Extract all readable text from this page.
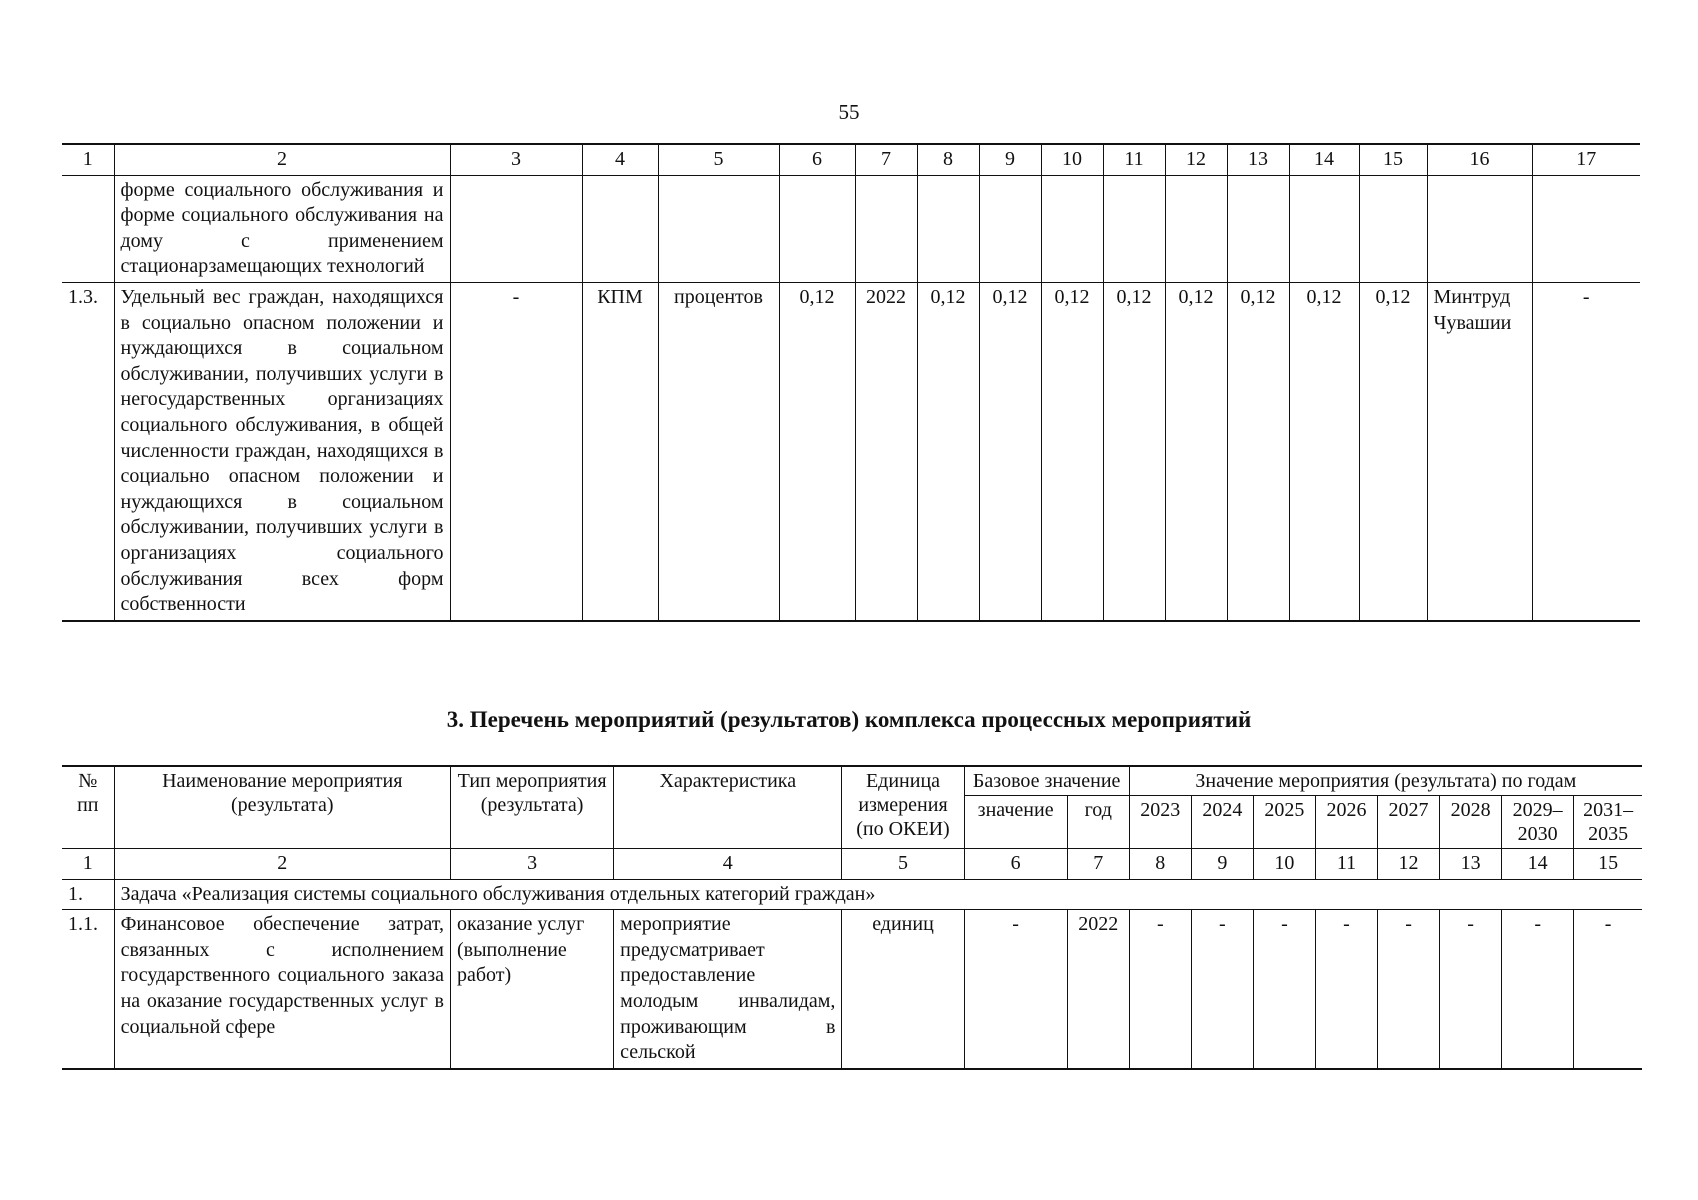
55
1	2	3	4	5	6	7	8	9	10	11	12	13	14	15	16	17
	форме социального обслуживания и форме социального обслуживания на дому с применением стационарзамещающих технологий															
1.3.	Удельный вес граждан, находящихся в социально опасном положении и нуждающихся в социальном обслуживании, получивших услуги в негосударственных организациях социального обслуживания, в общей численности граждан, находящихся в социально опасном положении и нуждающихся в социальном обслуживании, получивших услуги в организациях социального обслуживания всех форм собственности	-	КПМ	процентов	0,12	2022	0,12	0,12	0,12	0,12	0,12	0,12	0,12	0,12	Минтруд Чувашии	-
3. Перечень мероприятий (результатов) комплекса процессных мероприятий
№ пп	Наименование мероприятия (результата)	Тип мероприятия (результата)	Характеристика	Единица измерения (по ОКЕИ)	Базовое значение		Значение мероприятия (результата) по годам							
					значение	год	2023	2024	2025	2026	2027	2028	2029– 2030	2031– 2035
1	2	3	4	5	6	7	8	9	10	11	12	13	14	15
1.	Задача «Реализация системы социального обслуживания отдельных категорий граждан»													
1.1.	Финансовое обеспечение затрат, связанных с исполнением государственного социального заказа на оказание государственных услуг в социальной сфере	оказание услуг (выполнение работ)	мероприятие предусматривает предоставление молодым инвалидам, проживающим в сельской	единиц	-	2022	-	-	-	-	-	-	-	-
